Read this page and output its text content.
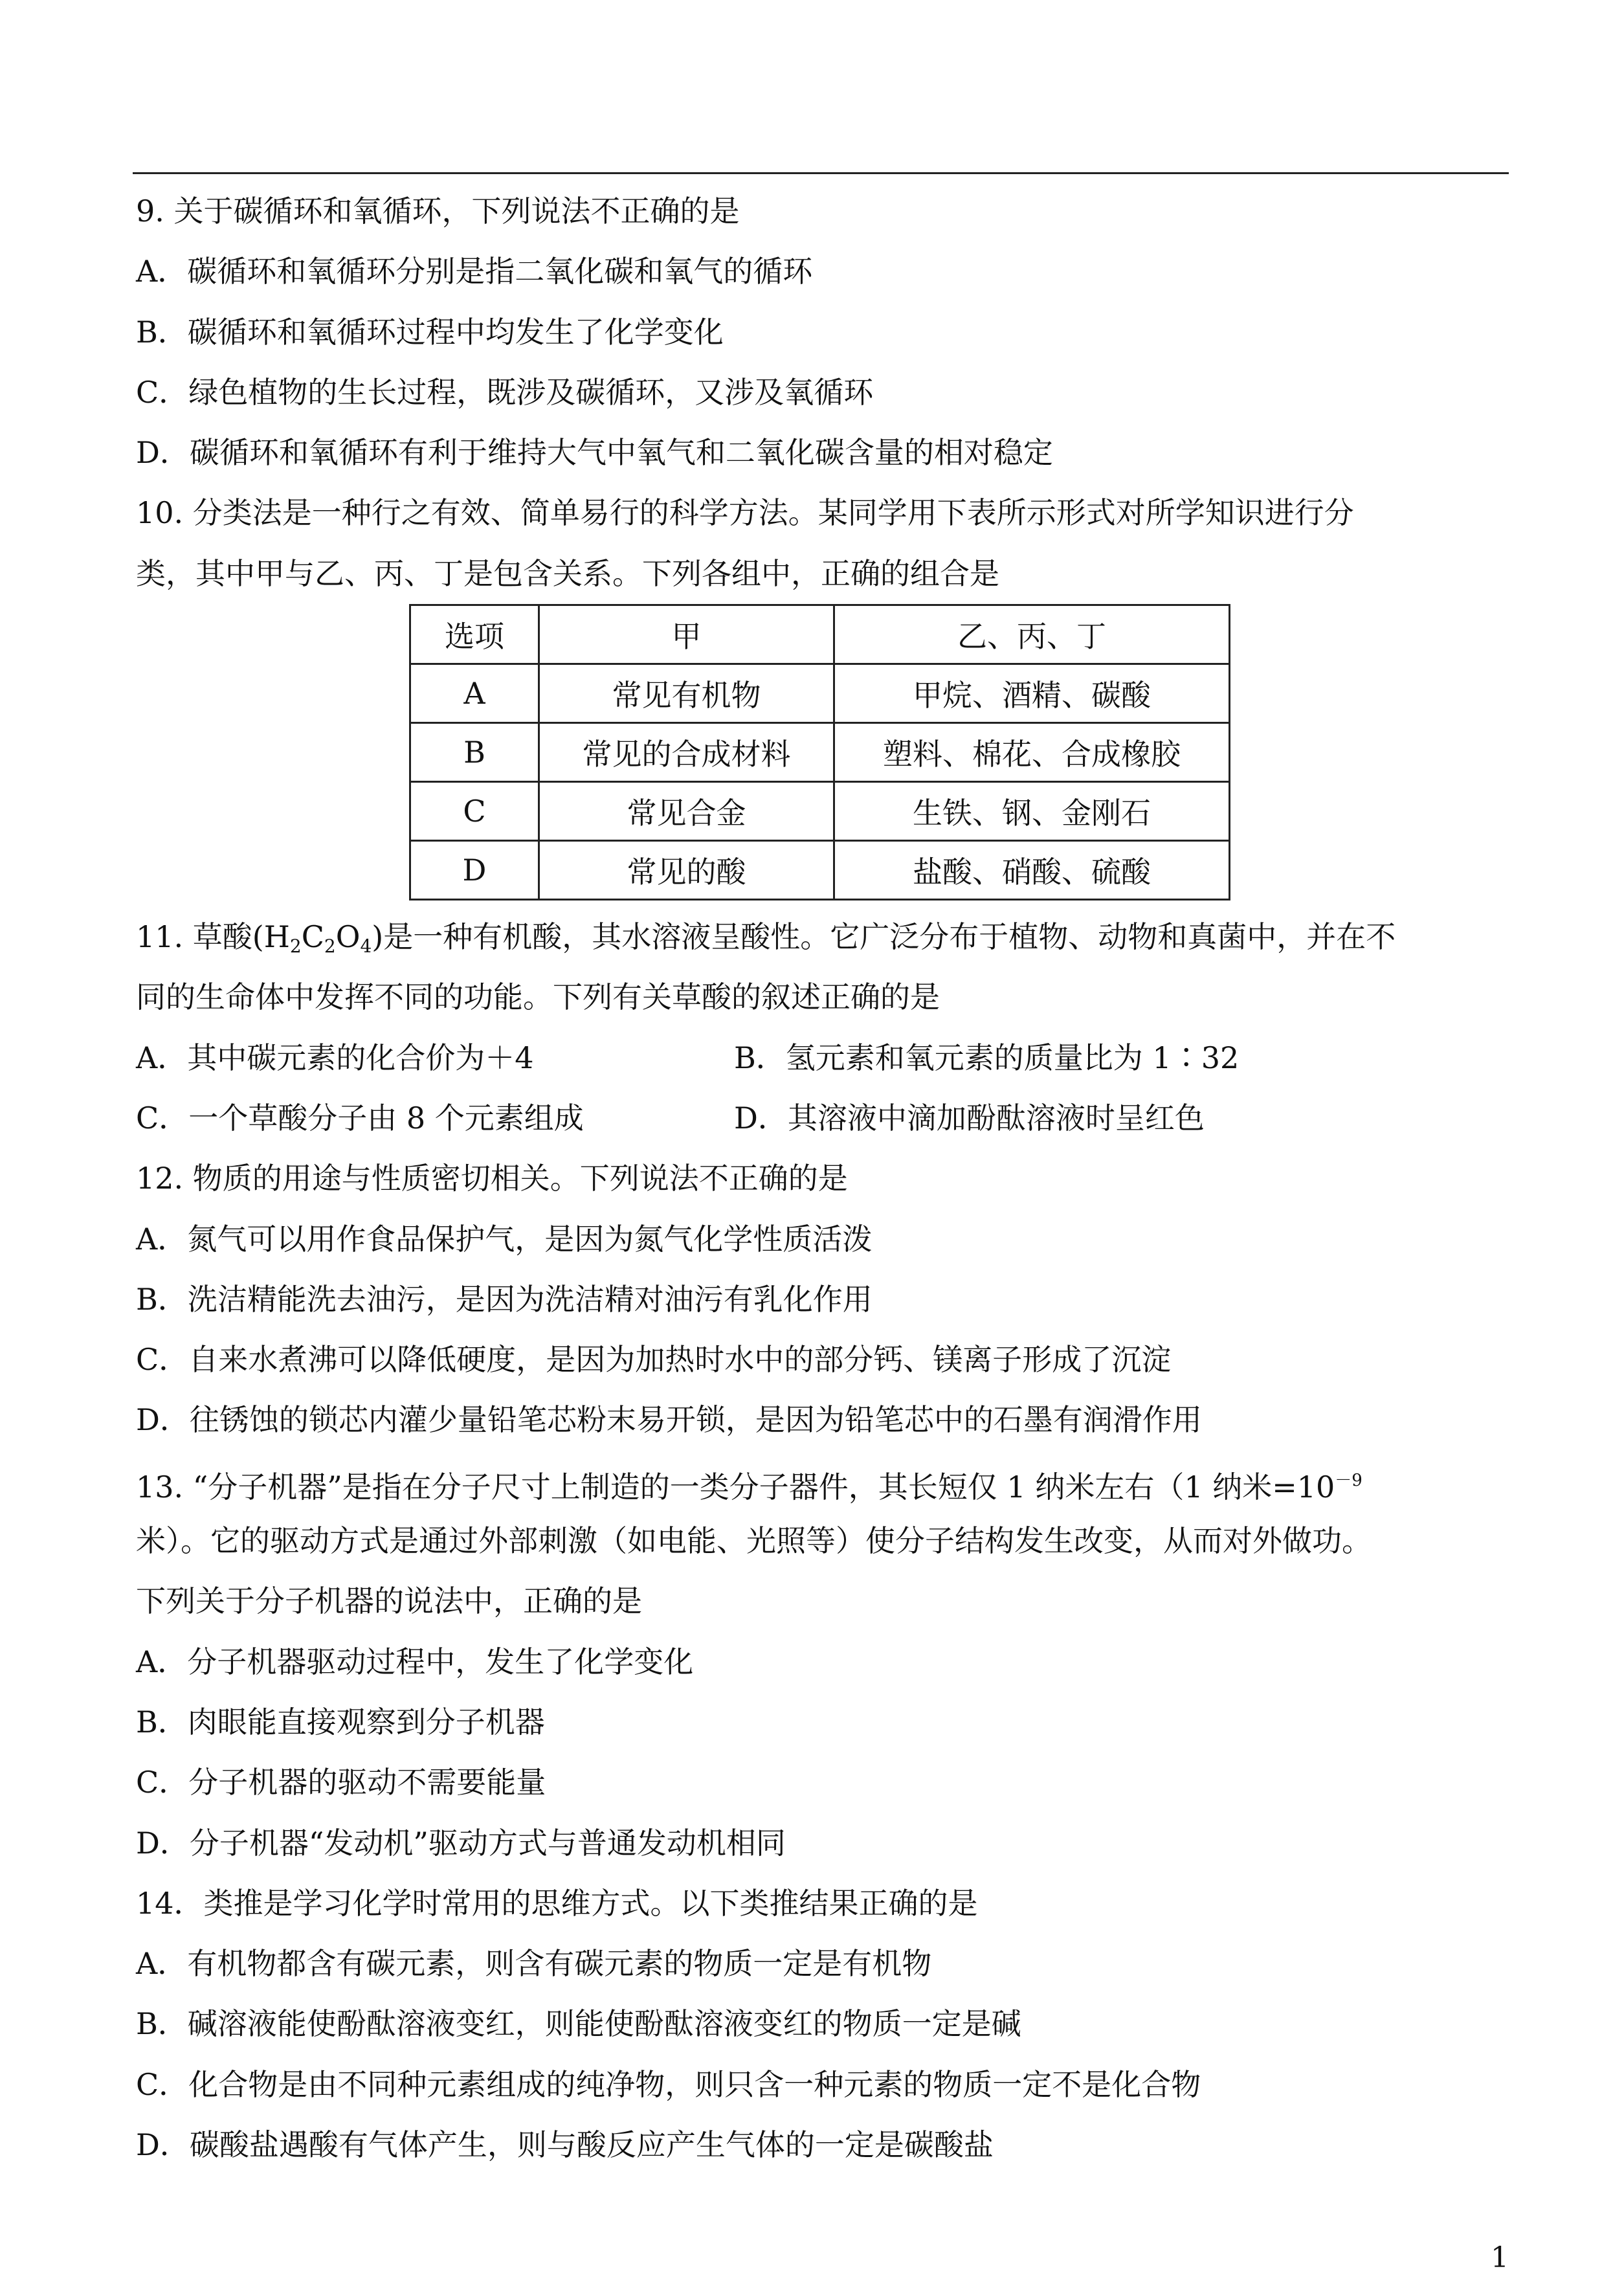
9. 关于碳循环和氧循环，下列说法不正确的是
A．碳循环和氧循环分别是指二氧化碳和氧气的循环
B．碳循环和氧循环过程中均发生了化学变化
C．绿色植物的生长过程，既涉及碳循环，又涉及氧循环
D．碳循环和氧循环有利于维持大气中氧气和二氧化碳含量的相对稳定
10. 分类法是一种行之有效、简单易行的科学方法。某同学用下表所示形式对所学知识进行分
类，其中甲与乙、丙、丁是包含关系。下列各组中，正确的组合是
选项	甲	乙、丙、丁
A	常见有机物	甲烷、酒精、碳酸
B	常见的合成材料	塑料、棉花、合成橡胶
C	常见合金	生铁、钢、金刚石
D	常见的酸	盐酸、硝酸、硫酸
11. 草酸$(H_2C_2O_4)$是一种有机酸，其水溶液呈酸性。它广泛分布于植物、动物和真菌中，并在不
同的生命体中发挥不同的功能。下列有关草酸的叙述正确的是
A．其中碳元素的化合价为＋4	B．氢元素和氧元素的质量比为 1∶32
C．一个草酸分子由 8 个元素组成	D．其溶液中滴加酚酞溶液时呈红色
12. 物质的用途与性质密切相关。下列说法不正确的是
A．氮气可以用作食品保护气，是因为氮气化学性质活泼
B．洗洁精能洗去油污，是因为洗洁精对油污有乳化作用
C．自来水煮沸可以降低硬度，是因为加热时水中的部分钙、镁离子形成了沉淀
D．往锈蚀的锁芯内灌少量铅笔芯粉末易开锁，是因为铅笔芯中的石墨有润滑作用
13. “分子机器”是指在分子尺寸上制造的一类分子器件，其长短仅 1 纳米左右（1 纳米$=10^{-9}$
米）。它的驱动方式是通过外部刺激（如电能、光照等）使分子结构发生改变，从而对外做功。
下列关于分子机器的说法中，正确的是
A．分子机器驱动过程中，发生了化学变化
B．肉眼能直接观察到分子机器
C．分子机器的驱动不需要能量
D．分子机器“发动机”驱动方式与普通发动机相同
14．类推是学习化学时常用的思维方式。以下类推结果正确的是
A．有机物都含有碳元素，则含有碳元素的物质一定是有机物
B．碱溶液能使酚酞溶液变红，则能使酚酞溶液变红的物质一定是碱
C．化合物是由不同种元素组成的纯净物，则只含一种元素的物质一定不是化合物
D．碳酸盐遇酸有气体产生，则与酸反应产生气体的一定是碳酸盐
1
